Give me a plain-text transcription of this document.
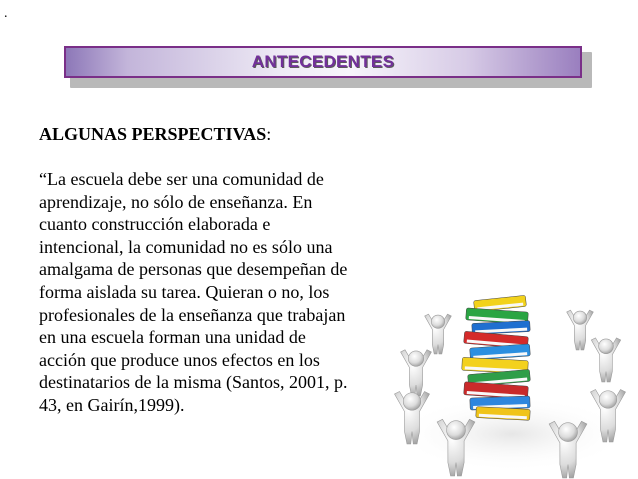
.
ANTECEDENTES
ALGUNAS PERSPECTIVAS:
“La escuela debe ser una comunidad de
aprendizaje, no sólo de enseñanza. En
cuanto construcción elaborada e
intencional, la comunidad no es sólo una
amalgama de personas que desempeñan de
forma aislada su tarea. Quieran o no, los
profesionales de la enseñanza que trabajan
en una escuela forman una unidad de
acción que produce unos efectos en los
destinatarios de la misma (Santos, 2001, p.
43, en Gairín,1999).
